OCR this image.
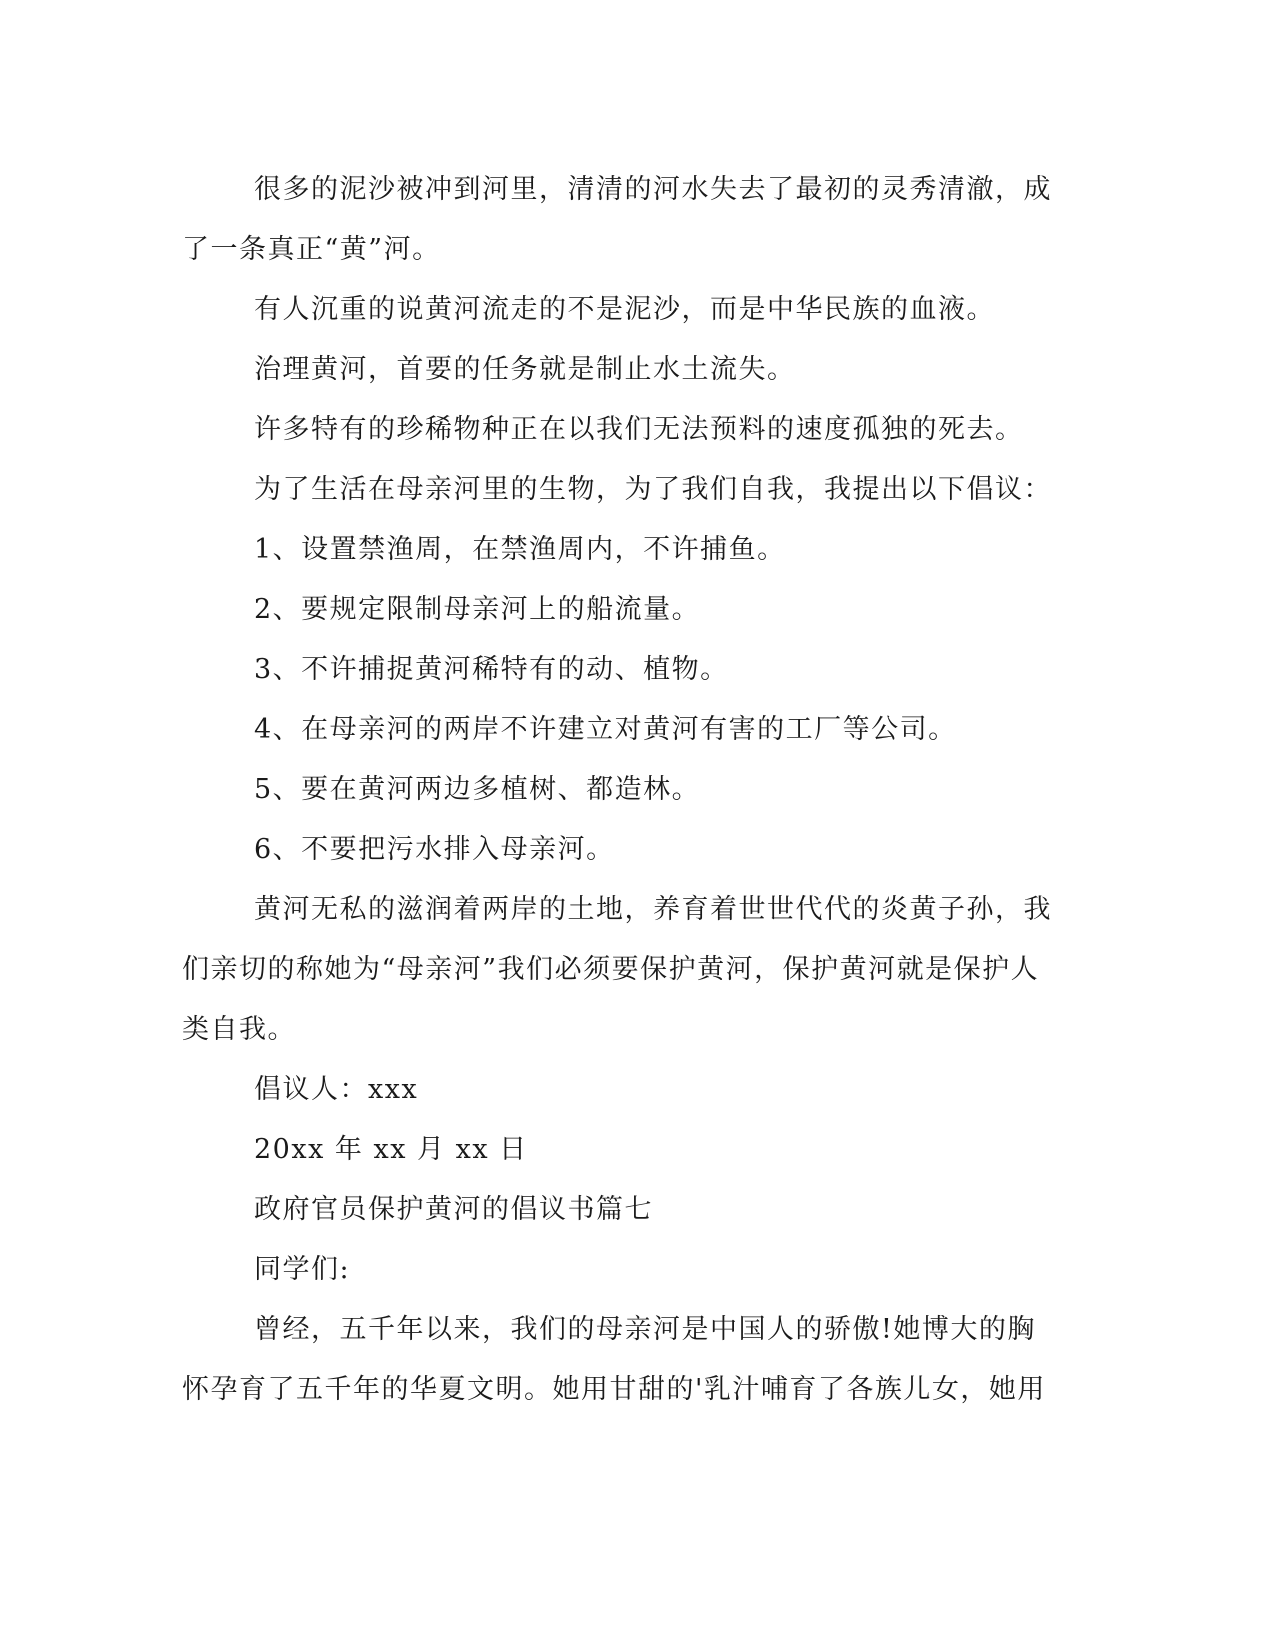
很多的泥沙被冲到河里，清清的河水失去了最初的灵秀清澈，成了一条真正“黄”河。

有人沉重的说黄河流走的不是泥沙，而是中华民族的血液。

治理黄河，首要的任务就是制止水土流失。

许多特有的珍稀物种正在以我们无法预料的速度孤独的死去。

为了生活在母亲河里的生物，为了我们自我，我提出以下倡议：

1、设置禁渔周，在禁渔周内，不许捕鱼。

2、要规定限制母亲河上的船流量。

3、不许捕捉黄河稀特有的动、植物。

4、在母亲河的两岸不许建立对黄河有害的工厂等公司。

5、要在黄河两边多植树、都造林。

6、不要把污水排入母亲河。

黄河无私的滋润着两岸的土地，养育着世世代代的炎黄子孙，我们亲切的称她为“母亲河”我们必须要保护黄河，保护黄河就是保护人类自我。

倡议人：xxx

20xx 年 xx 月 xx 日

政府官员保护黄河的倡议书篇七

同学们:

曾经，五千年以来，我们的母亲河是中国人的骄傲!她博大的胸怀孕育了五千年的华夏文明。她用甘甜的'乳汁哺育了各族儿女，她用
